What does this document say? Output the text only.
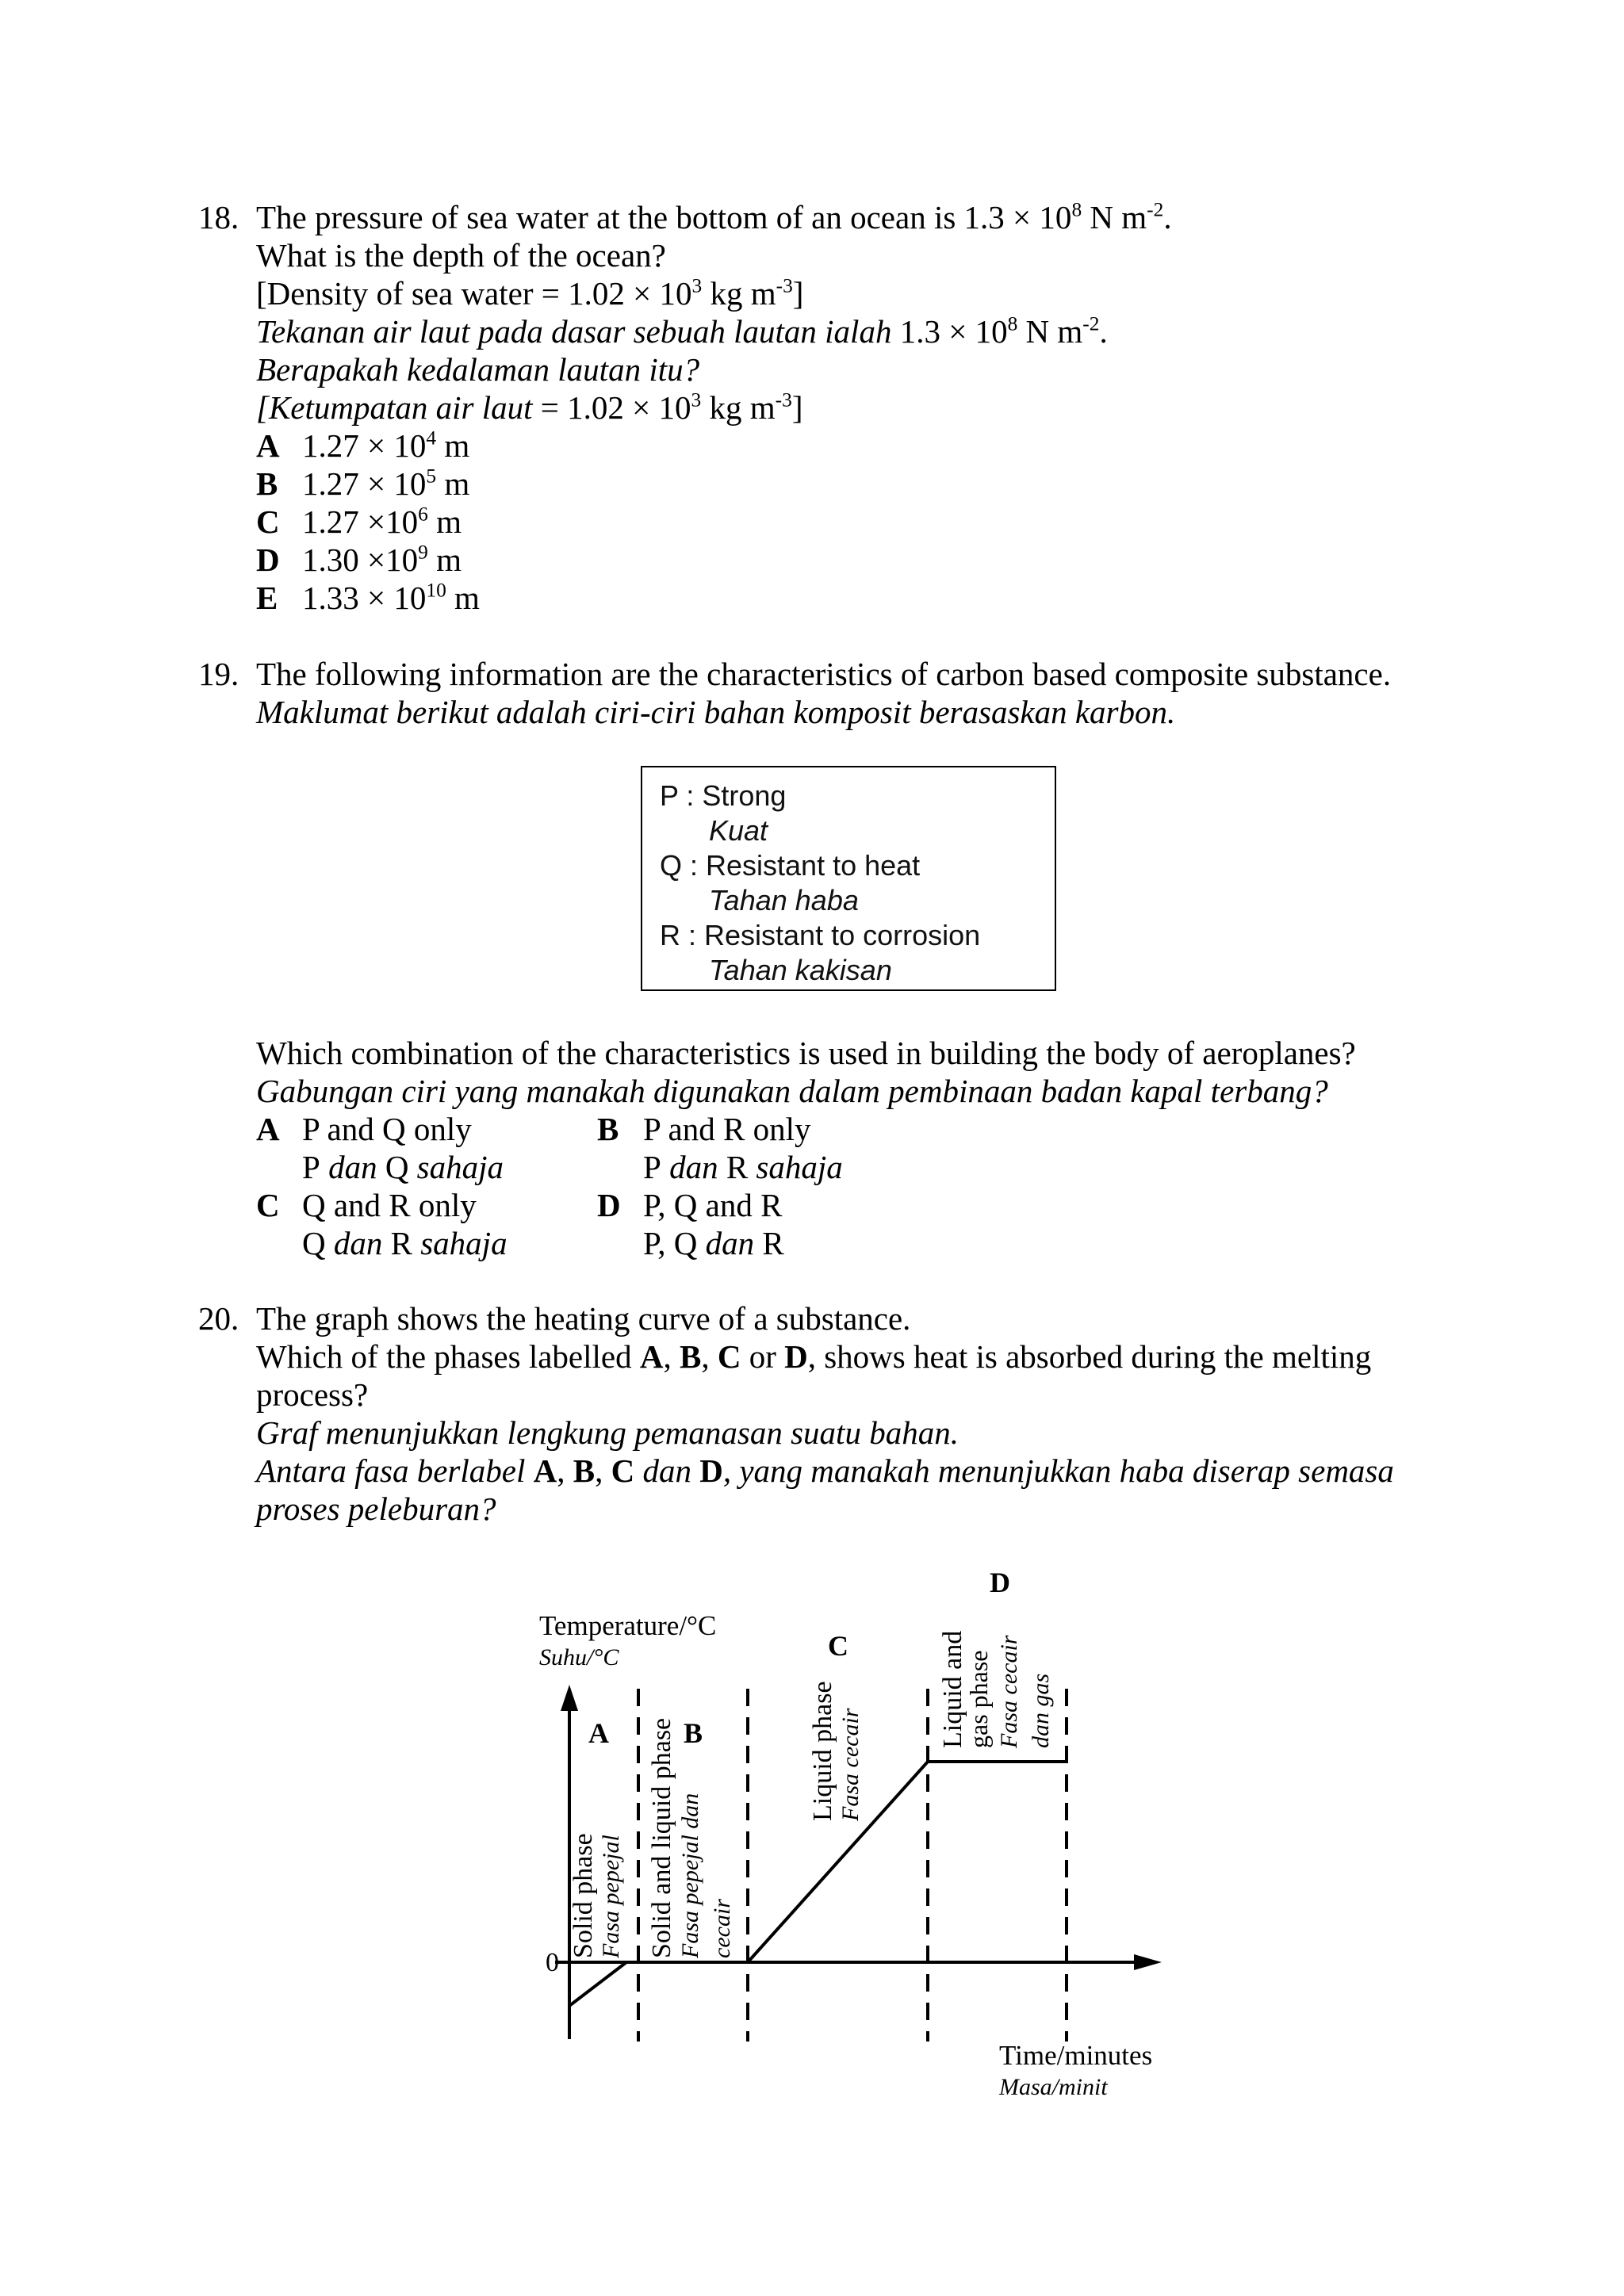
18. The pressure of sea water at the bottom of an ocean is $1.3 \times 10^8$ N $m^{-2}$.
What is the depth of the ocean?
[Density of sea water = $1.02 \times 10^3$ kg $m^{-3}$]
Tekanan air laut pada dasar sebuah lautan ialah $1.3 \times 10^8$ N $m^{-2}$.
Berapakah kedalaman lautan itu?
[Ketumpatan air laut = $1.02 \times 10^3$ kg $m^{-3}$]
A $1.27 \times 10^4$ m
B $1.27 \times 10^5$ m
C $1.27 \times 10^6$ m
D $1.30 \times 10^9$ m
E $1.33 \times 10^{10}$ m
19. The following information are the characteristics of carbon based composite substance.
Maklumat berikut adalah ciri-ciri bahan komposit berasaskan karbon.
P : Strong
Kuat
Q : Resistant to heat
Tahan haba
R : Resistant to corrosion
Tahan kakisan
Which combination of the characteristics is used in building the body of aeroplanes?
Gabungan ciri yang manakah digunakan dalam pembinaan badan kapal terbang?
A P and Q only
P dan Q sahaja
B P and R only
P dan R sahaja
C Q and R only
Q dan R sahaja
D P, Q and R
P, Q dan R
20. The graph shows the heating curve of a substance.
Which of the phases labelled A, B, C or D, shows heat is absorbed during the melting
process?
Graf menunjukkan lengkung pemanasan suatu bahan.
Antara fasa berlabel A, B, C dan D, yang manakah menunjukkan haba diserap semasa
proses peleburan?
Temperature/°C
Suhu/°C
Time/minutes
Masa/minit
0
A	B
C
D
Solid phase Fasa pepejal Solid and liquid phase Fasa pepejal dan cecair
Liquid phase Fasa cecair
Liquid and
gas phase Fasa cecair dan gas
